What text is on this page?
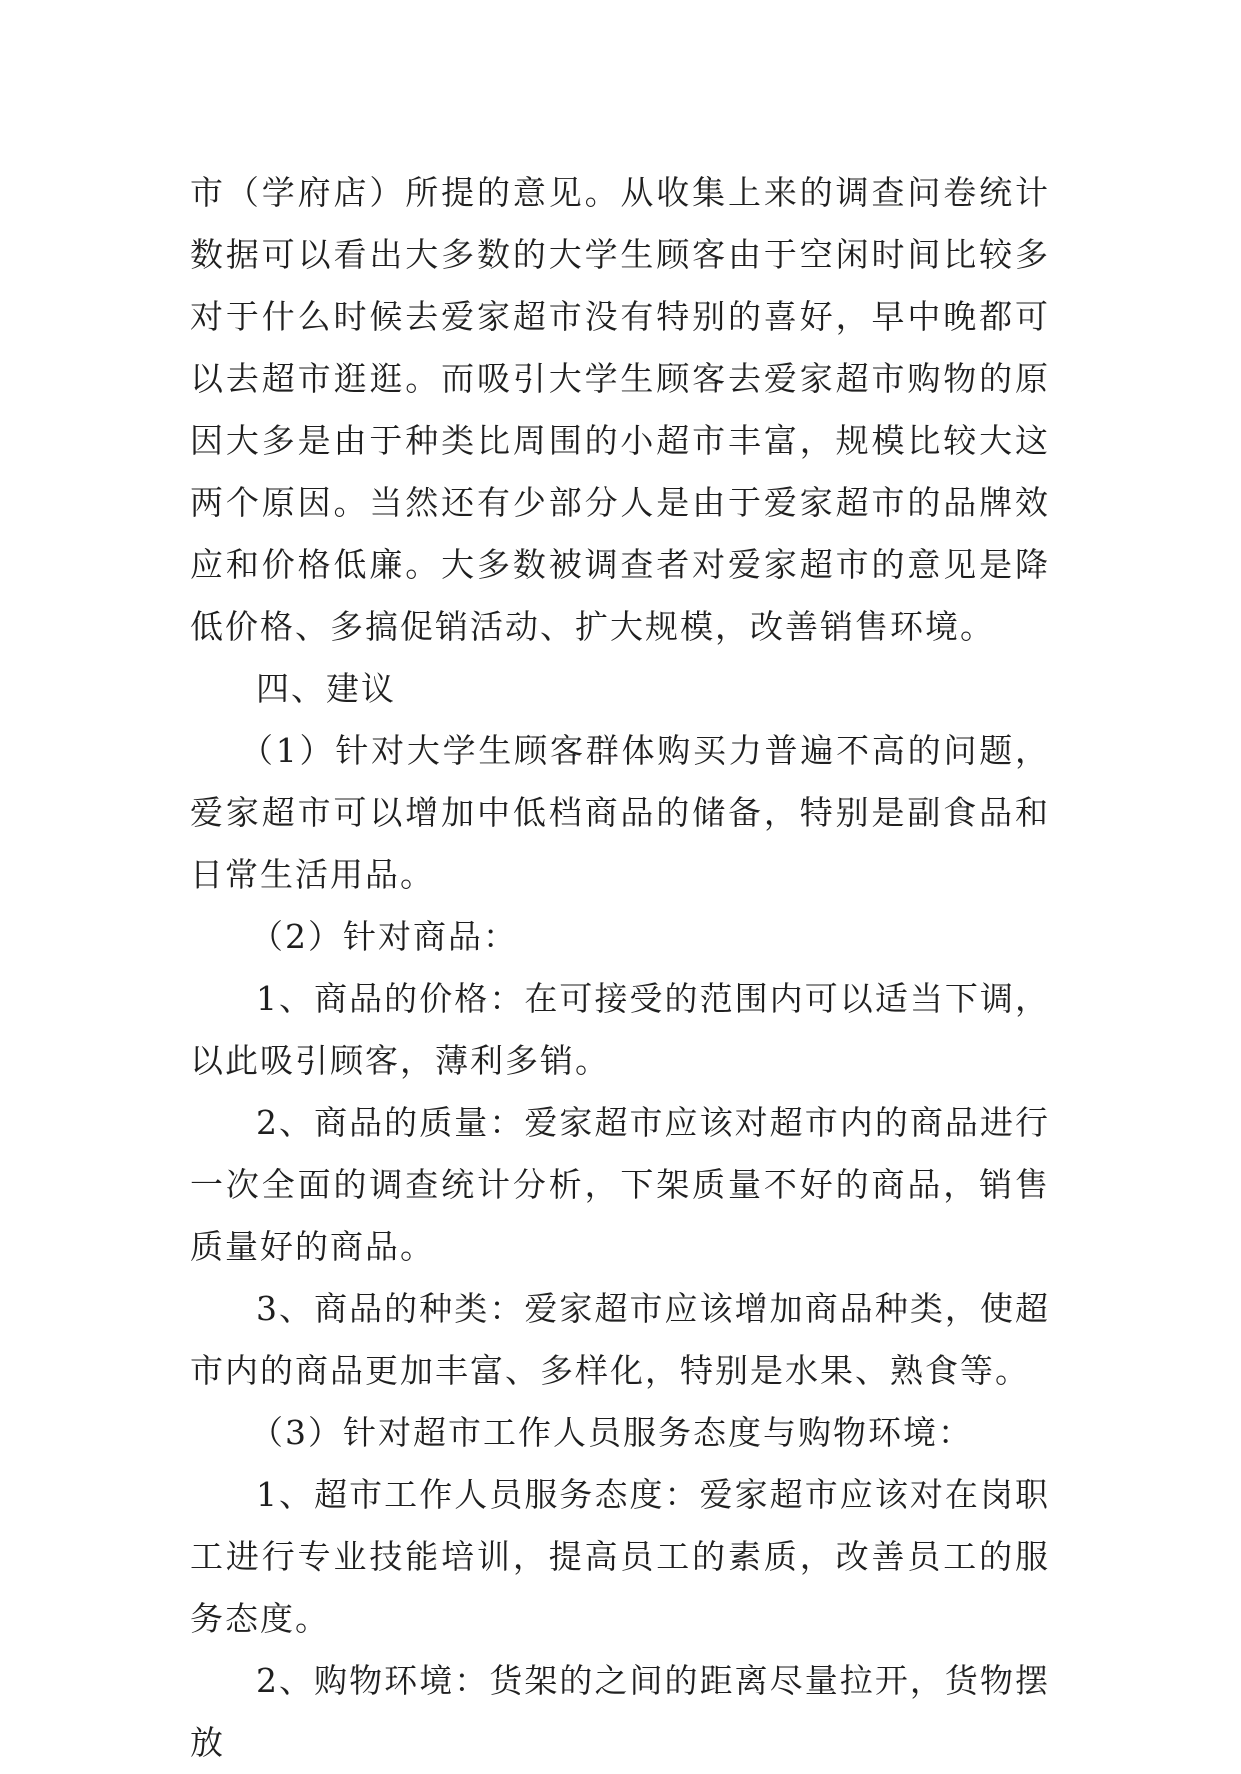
市（学府店）所提的意见。从收集上来的调查问卷统计数据可以看出大多数的大学生顾客由于空闲时间比较多对于什么时候去爱家超市没有特别的喜好，早中晚都可以去超市逛逛。而吸引大学生顾客去爱家超市购物的原因大多是由于种类比周围的小超市丰富，规模比较大这两个原因。当然还有少部分人是由于爱家超市的品牌效应和价格低廉。大多数被调查者对爱家超市的意见是降低价格、多搞促销活动、扩大规模，改善销售环境。

四、建议

（1）针对大学生顾客群体购买力普遍不高的问题，爱家超市可以增加中低档商品的储备，特别是副食品和日常生活用品。

（2）针对商品：

1、商品的价格：在可接受的范围内可以适当下调，以此吸引顾客，薄利多销。

2、商品的质量：爱家超市应该对超市内的商品进行一次全面的调查统计分析，下架质量不好的商品，销售质量好的商品。

3、商品的种类：爱家超市应该增加商品种类，使超市内的商品更加丰富、多样化，特别是水果、熟食等。

（3）针对超市工作人员服务态度与购物环境：

1、超市工作人员服务态度：爱家超市应该对在岗职工进行专业技能培训，提高员工的素质，改善员工的服务态度。

2、购物环境：货架的之间的距离尽量拉开，货物摆放
